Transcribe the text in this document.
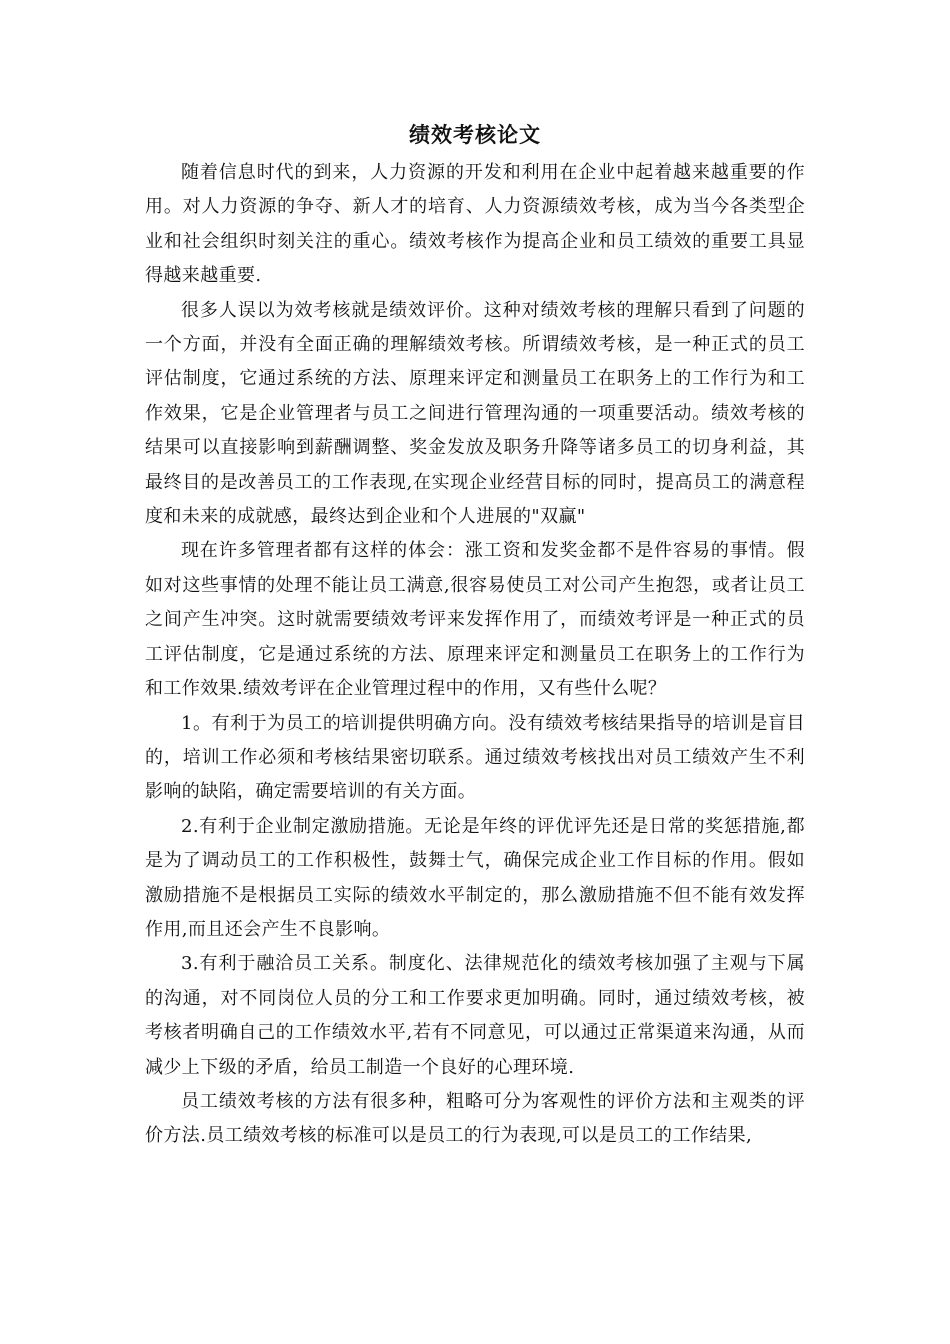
绩效考核论文

随着信息时代的到来，人力资源的开发和利用在企业中起着越来越重要的作用。对人力资源的争夺、新人才的培育、人力资源绩效考核，成为当今各类型企业和社会组织时刻关注的重心。绩效考核作为提高企业和员工绩效的重要工具显得越来越重要.

很多人误以为效考核就是绩效评价。这种对绩效考核的理解只看到了问题的一个方面，并没有全面正确的理解绩效考核。所谓绩效考核，是一种正式的员工评估制度，它通过系统的方法、原理来评定和测量员工在职务上的工作行为和工作效果，它是企业管理者与员工之间进行管理沟通的一项重要活动。绩效考核的结果可以直接影响到薪酬调整、奖金发放及职务升降等诸多员工的切身利益，其最终目的是改善员工的工作表现,在实现企业经营目标的同时，提高员工的满意程度和未来的成就感，最终达到企业和个人进展的"双赢"

现在许多管理者都有这样的体会：涨工资和发奖金都不是件容易的事情。假如对这些事情的处理不能让员工满意,很容易使员工对公司产生抱怨，或者让员工之间产生冲突。这时就需要绩效考评来发挥作用了，而绩效考评是一种正式的员工评估制度，它是通过系统的方法、原理来评定和测量员工在职务上的工作行为和工作效果.绩效考评在企业管理过程中的作用，又有些什么呢？

1。有利于为员工的培训提供明确方向。没有绩效考核结果指导的培训是盲目的，培训工作必须和考核结果密切联系。通过绩效考核找出对员工绩效产生不利影响的缺陷，确定需要培训的有关方面。

2.有利于企业制定激励措施。无论是年终的评优评先还是日常的奖惩措施,都是为了调动员工的工作积极性，鼓舞士气，确保完成企业工作目标的作用。假如激励措施不是根据员工实际的绩效水平制定的，那么激励措施不但不能有效发挥作用,而且还会产生不良影响。

3.有利于融洽员工关系。制度化、法律规范化的绩效考核加强了主观与下属的沟通，对不同岗位人员的分工和工作要求更加明确。同时，通过绩效考核，被考核者明确自己的工作绩效水平,若有不同意见，可以通过正常渠道来沟通，从而减少上下级的矛盾，给员工制造一个良好的心理环境.

员工绩效考核的方法有很多种，粗略可分为客观性的评价方法和主观类的评价方法.员工绩效考核的标准可以是员工的行为表现,可以是员工的工作结果,
